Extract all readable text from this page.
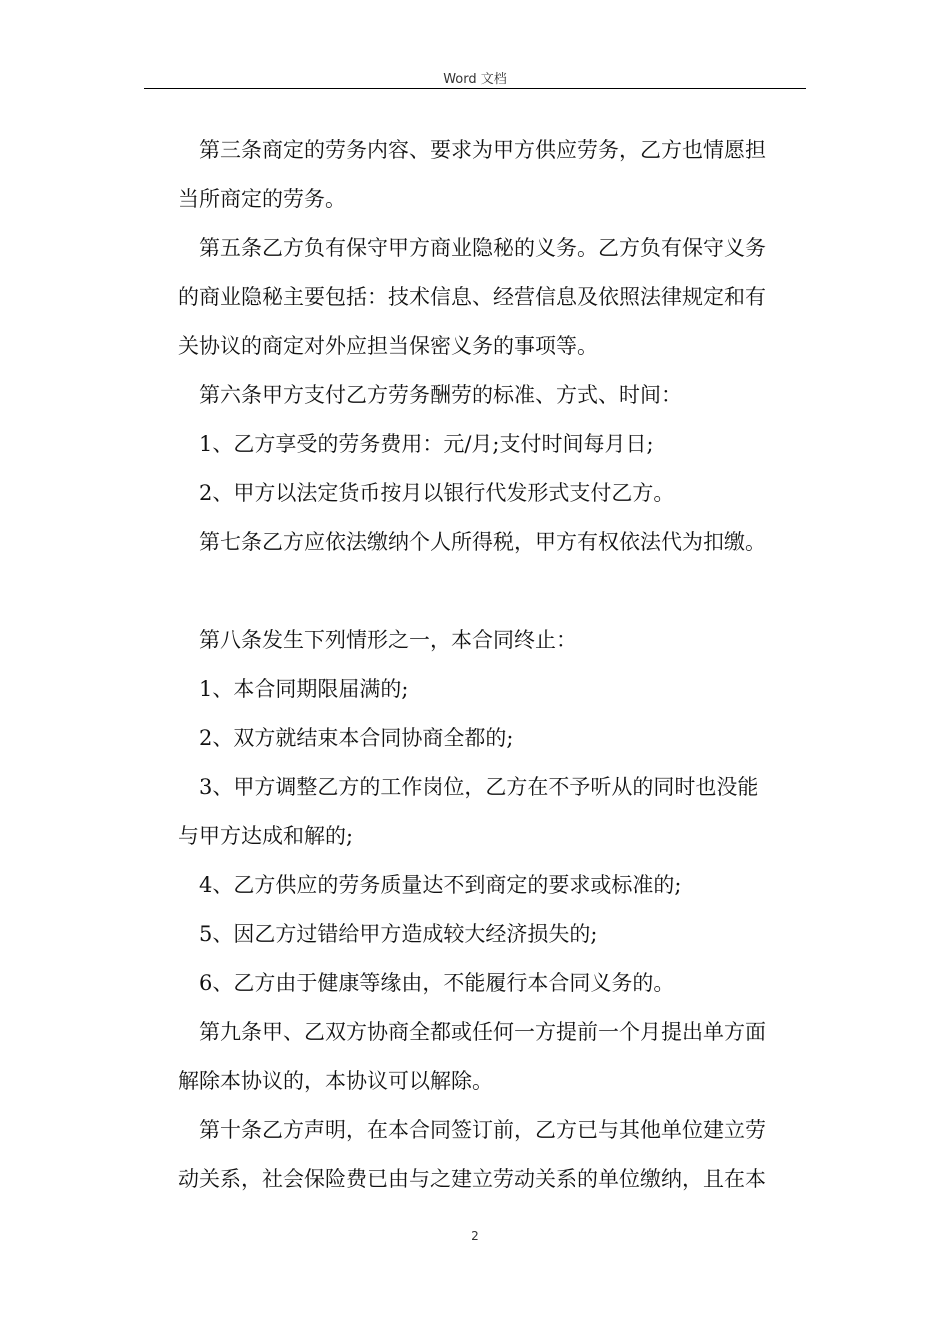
Word 文档

第三条商定的劳务内容、要求为甲方供应劳务，乙方也情愿担
当所商定的劳务。

第五条乙方负有保守甲方商业隐秘的义务。乙方负有保守义务
的商业隐秘主要包括：技术信息、经营信息及依照法律规定和有
关协议的商定对外应担当保密义务的事项等。

第六条甲方支付乙方劳务酬劳的标准、方式、时间：

1、乙方享受的劳务费用：元/月;支付时间每月日;

2、甲方以法定货币按月以银行代发形式支付乙方。

第七条乙方应依法缴纳个人所得税，甲方有权依法代为扣缴。

第八条发生下列情形之一，本合同终止：

1、本合同期限届满的;

2、双方就结束本合同协商全都的;

3、甲方调整乙方的工作岗位，乙方在不予听从的同时也没能
与甲方达成和解的;

4、乙方供应的劳务质量达不到商定的要求或标准的;

5、因乙方过错给甲方造成较大经济损失的;

6、乙方由于健康等缘由，不能履行本合同义务的。

第九条甲、乙双方协商全都或任何一方提前一个月提出单方面
解除本协议的，本协议可以解除。

第十条乙方声明，在本合同签订前，乙方已与其他单位建立劳
动关系，社会保险费已由与之建立劳动关系的单位缴纳，且在本

2
